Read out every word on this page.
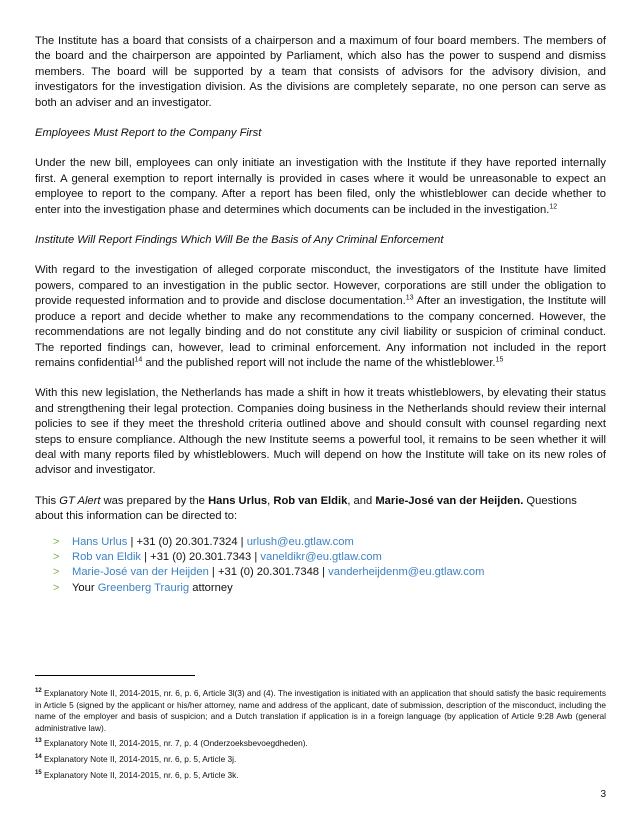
The Institute has a board that consists of a chairperson and a maximum of four board members. The members of the board and the chairperson are appointed by Parliament, which also has the power to suspend and dismiss members. The board will be supported by a team that consists of advisors for the advisory division, and investigators for the investigation division. As the divisions are completely separate, no one person can serve as both an adviser and an investigator.

Employees Must Report to the Company First

Under the new bill, employees can only initiate an investigation with the Institute if they have reported internally first. A general exemption to report internally is provided in cases where it would be unreasonable to expect an employee to report to the company. After a report has been filed, only the whistleblower can decide whether to enter into the investigation phase and determines which documents can be included in the investigation.$^{12}$

Institute Will Report Findings Which Will Be the Basis of Any Criminal Enforcement

With regard to the investigation of alleged corporate misconduct, the investigators of the Institute have limited powers, compared to an investigation in the public sector. However, corporations are still under the obligation to provide requested information and to provide and disclose documentation.$^{13}$ After an investigation, the Institute will produce a report and decide whether to make any recommendations to the company concerned. However, the recommendations are not legally binding and do not constitute any civil liability or suspicion of criminal conduct. The reported findings can, however, lead to criminal enforcement. Any information not included in the report remains confidential$^{14}$ and the published report will not include the name of the whistleblower.$^{15}$

With this new legislation, the Netherlands has made a shift in how it treats whistleblowers, by elevating their status and strengthening their legal protection. Companies doing business in the Netherlands should review their internal policies to see if they meet the threshold criteria outlined above and should consult with counsel regarding next steps to ensure compliance. Although the new Institute seems a powerful tool, it remains to be seen whether it will deal with many reports filed by whistleblowers. Much will depend on how the Institute will take on its new roles of advisor and investigator.

This GT Alert was prepared by the Hans Urlus, Rob van Eldik, and Marie-José van der Heijden. Questions about this information can be directed to:

> Hans Urlus | +31 (0) 20.301.7324 | urlush@eu.gtlaw.com
> Rob van Eldik | +31 (0) 20.301.7343 | vaneldikr@eu.gtlaw.com
> Marie-José van der Heijden | +31 (0) 20.301.7348 | vanderheijdenm@eu.gtlaw.com
> Your Greenberg Traurig attorney

$^{12}$ Explanatory Note II, 2014-2015, nr. 6, p. 6, Article 3l(3) and (4). The investigation is initiated with an application that should satisfy the basic requirements in Article 5 (signed by the applicant or his/her attorney, name and address of the applicant, date of submission, description of the misconduct, including the name of the employer and basis of suspicion; and a Dutch translation if application is in a foreign language (by application of Article 9:28 Awb (general administrative law).

$^{13}$ Explanatory Note II, 2014-2015, nr. 7, p. 4 (Onderzoeksbevoegdheden).

$^{14}$ Explanatory Note II, 2014-2015, nr. 6, p. 5, Article 3j.

$^{15}$ Explanatory Note II, 2014-2015, nr. 6, p. 5, Article 3k.

3
